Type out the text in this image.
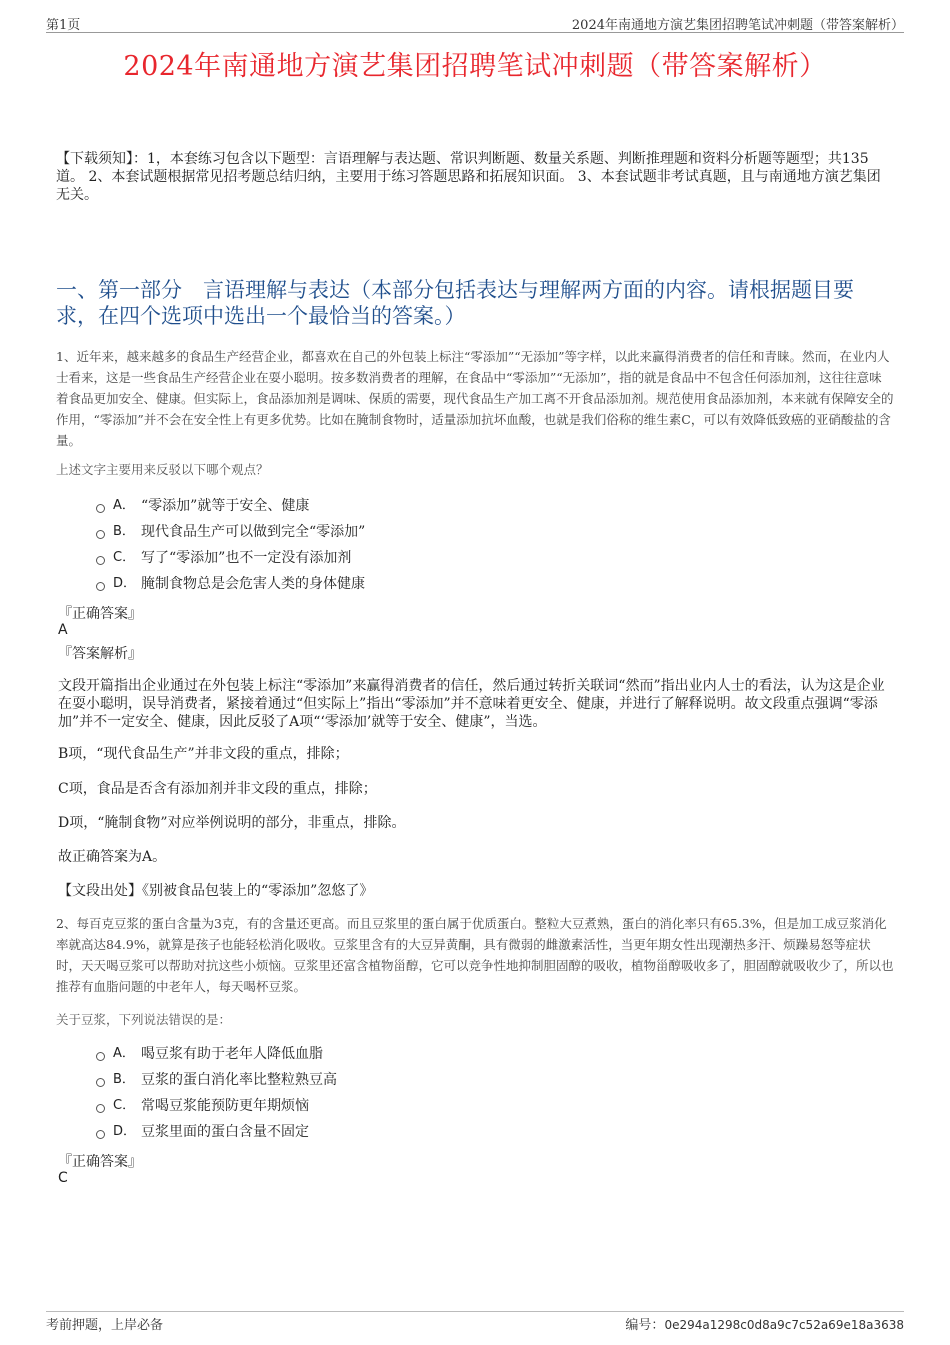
第1页	2024年南通地方演艺集团招聘笔试冲刺题（带答案解析）
2024年南通地方演艺集团招聘笔试冲刺题（带答案解析）
【下载须知】：1，本套练习包含以下题型：言语理解与表达题、常识判断题、数量关系题、判断推理题和资料分析题等题型；共135道。 2、本套试题根据常见招考题总结归纳，主要用于练习答题思路和拓展知识面。 3、本套试题非考试真题，且与南通地方演艺集团无关。
一、第一部分　言语理解与表达（本部分包括表达与理解两方面的内容。请根据题目要求，在四个选项中选出一个最恰当的答案。）
1、近年来，越来越多的食品生产经营企业，都喜欢在自己的外包装上标注“零添加”“无添加”等字样，以此来赢得消费者的信任和青睐。然而，在业内人士看来，这是一些食品生产经营企业在耍小聪明。按多数消费者的理解，在食品中“零添加”“无添加”，指的就是食品中不包含任何添加剂，这往往意味着食品更加安全、健康。但实际上，食品添加剂是调味、保质的需要，现代食品生产加工离不开食品添加剂。规范使用食品添加剂，本来就有保障安全的作用，“零添加”并不会在安全性上有更多优势。比如在腌制食物时，适量添加抗坏血酸，也就是我们俗称的维生素C，可以有效降低致癌的亚硝酸盐的含量。
上述文字主要用来反驳以下哪个观点？
A． “零添加”就等于安全、健康
B． 现代食品生产可以做到完全“零添加”
C． 写了“零添加”也不一定没有添加剂
D． 腌制食物总是会危害人类的身体健康
『正确答案』
A
『答案解析』
文段开篇指出企业通过在外包装上标注“零添加”来赢得消费者的信任，然后通过转折关联词“然而”指出业内人士的看法，认为这是企业在耍小聪明，误导消费者，紧接着通过“但实际上”指出“零添加”并不意味着更安全、健康，并进行了解释说明。故文段重点强调“零添加”并不一定安全、健康，因此反驳了A项“‘零添加’就等于安全、健康”，当选。
B项，“现代食品生产”并非文段的重点，排除；
C项，食品是否含有添加剂并非文段的重点，排除；
D项，“腌制食物”对应举例说明的部分，非重点，排除。
故正确答案为A。
【文段出处】《别被食品包装上的“零添加”忽悠了》
2、每百克豆浆的蛋白含量为3克，有的含量还更高。而且豆浆里的蛋白属于优质蛋白。整粒大豆煮熟，蛋白的消化率只有65.3%，但是加工成豆浆消化率就高达84.9%，就算是孩子也能轻松消化吸收。豆浆里含有的大豆异黄酮，具有微弱的雌激素活性，当更年期女性出现潮热多汗、烦躁易怒等症状时，天天喝豆浆可以帮助对抗这些小烦恼。豆浆里还富含植物甾醇，它可以竞争性地抑制胆固醇的吸收，植物甾醇吸收多了，胆固醇就吸收少了，所以也推荐有血脂问题的中老年人，每天喝杯豆浆。
关于豆浆，下列说法错误的是：
A． 喝豆浆有助于老年人降低血脂
B． 豆浆的蛋白消化率比整粒熟豆高
C． 常喝豆浆能预防更年期烦恼
D． 豆浆里面的蛋白含量不固定
『正确答案』
C
考前押题，上岸必备	编号：0e294a1298c0d8a9c7c52a69e18a3638
